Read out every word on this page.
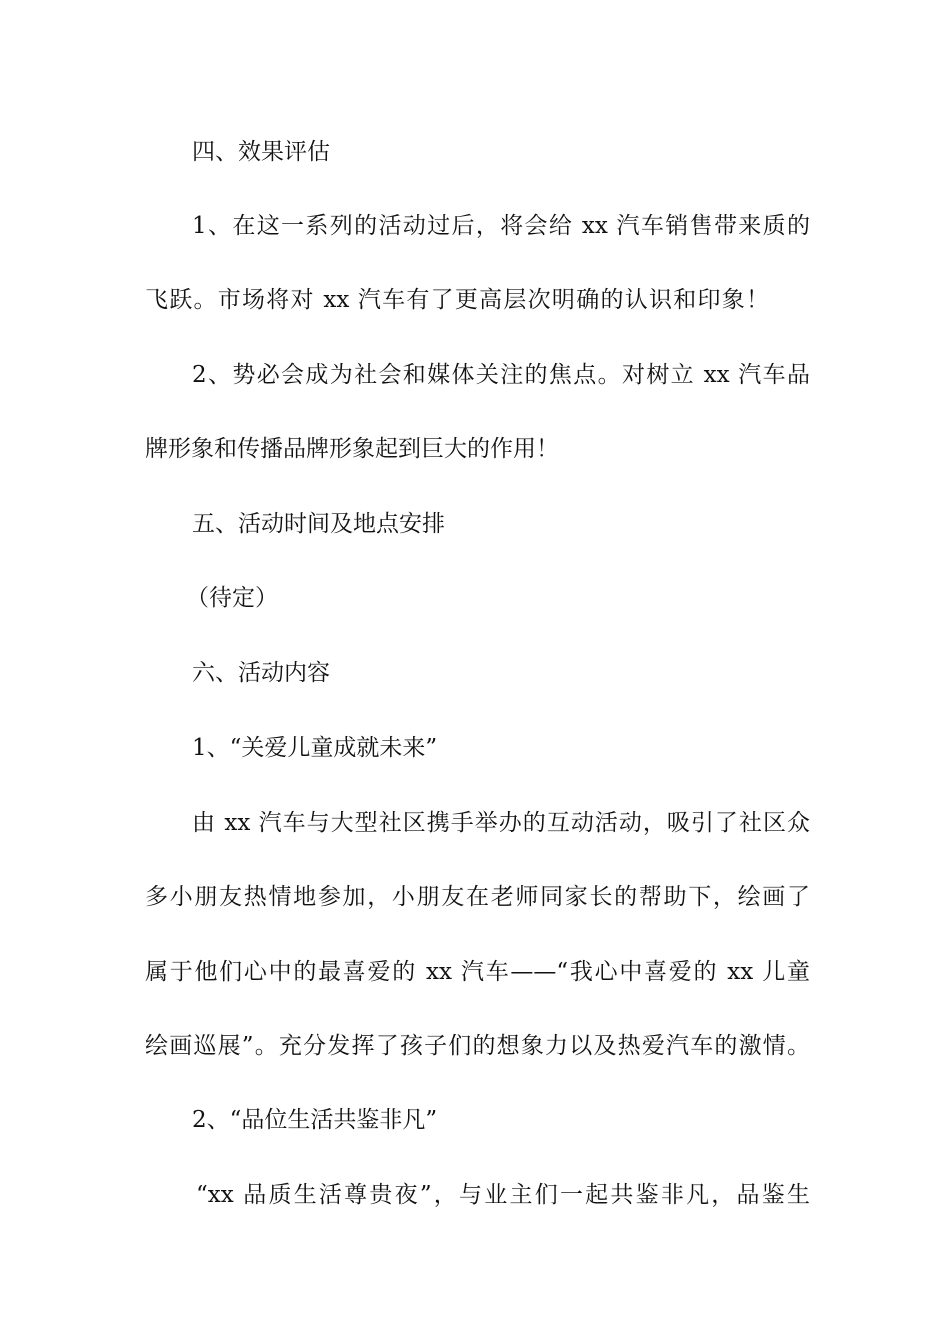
四、效果评估
1、在这一系列的活动过后，将会给 xx 汽车销售带来质的
飞跃。市场将对 xx 汽车有了更高层次明确的认识和印象！
2、势必会成为社会和媒体关注的焦点。对树立 xx 汽车品
牌形象和传播品牌形象起到巨大的作用！
五、活动时间及地点安排
（待定）
六、活动内容
1、“关爱儿童成就未来”
由 xx 汽车与大型社区携手举办的互动活动，吸引了社区众
多小朋友热情地参加，小朋友在老师同家长的帮助下，绘画了
属于他们心中的最喜爱的 xx 汽车——“我心中喜爱的 xx 儿童
绘画巡展”。充分发挥了孩子们的想象力以及热爱汽车的激情。
2、“品位生活共鉴非凡”
“xx 品质生活尊贵夜”，与业主们一起共鉴非凡，品鉴生
